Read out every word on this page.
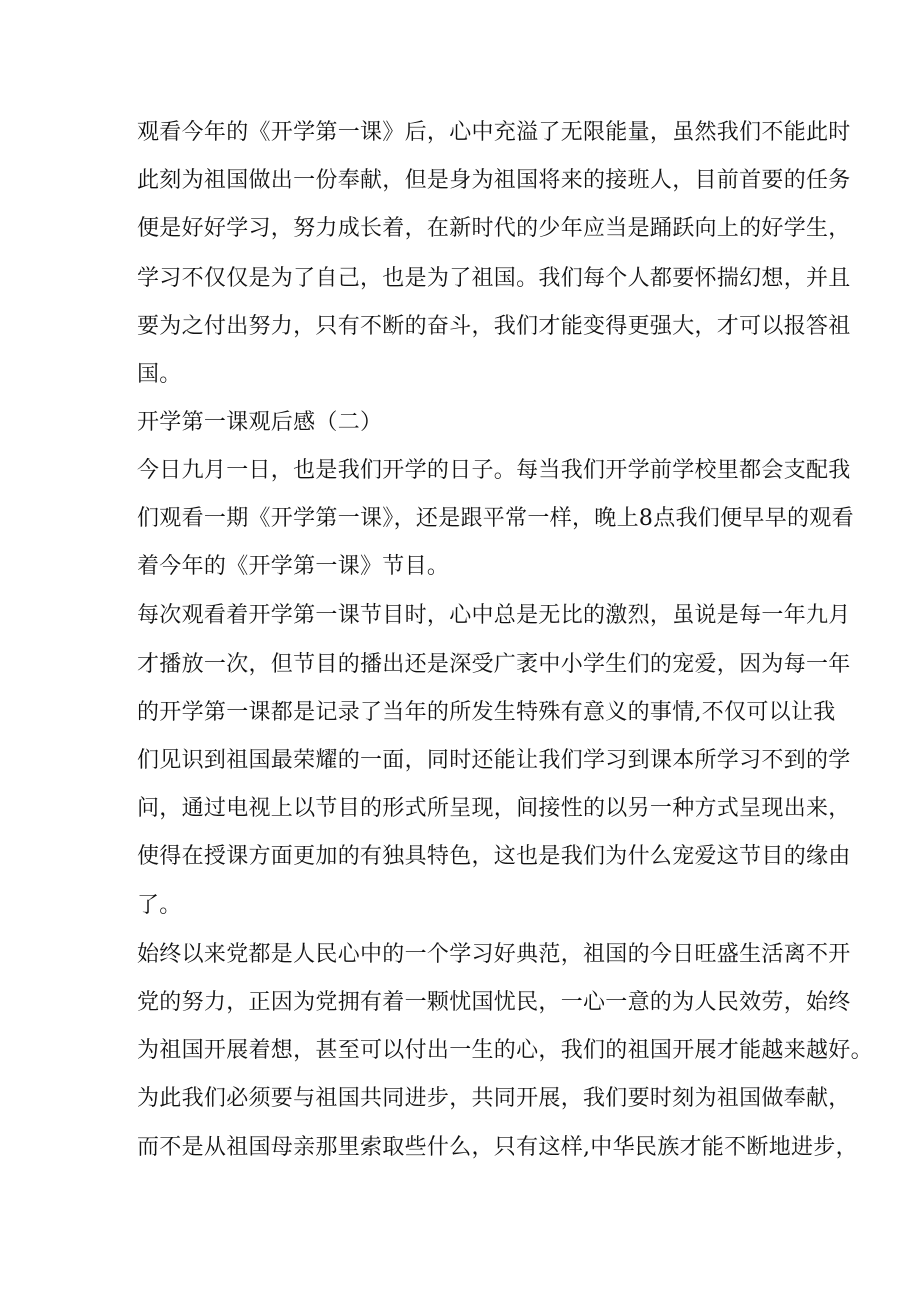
观看今年的《开学第一课》后，心中充溢了无限能量，虽然我们不能此时
此刻为祖国做出一份奉献，但是身为祖国将来的接班人，目前首要的任务
便是好好学习，努力成长着，在新时代的少年应当是踊跃向上的好学生，
学习不仅仅是为了自己，也是为了祖国。我们每个人都要怀揣幻想，并且
要为之付出努力，只有不断的奋斗，我们才能变得更强大，才可以报答祖
国。
开学第一课观后感（二）
今日九月一日，也是我们开学的日子。每当我们开学前学校里都会支配我
们观看一期《开学第一课》，还是跟平常一样，晚上8点我们便早早的观看
着今年的《开学第一课》节目。
每次观看着开学第一课节目时，心中总是无比的激烈，虽说是每一年九月
才播放一次，但节目的播出还是深受广袤中小学生们的宠爱，因为每一年
的开学第一课都是记录了当年的所发生特殊有意义的事情,不仅可以让我
们见识到祖国最荣耀的一面，同时还能让我们学习到课本所学习不到的学
问，通过电视上以节目的形式所呈现，间接性的以另一种方式呈现出来，
使得在授课方面更加的有独具特色，这也是我们为什么宠爱这节目的缘由
了。
始终以来党都是人民心中的一个学习好典范，祖国的今日旺盛生活离不开
党的努力，正因为党拥有着一颗忧国忧民，一心一意的为人民效劳，始终
为祖国开展着想，甚至可以付出一生的心，我们的祖国开展才能越来越好。
为此我们必须要与祖国共同进步，共同开展，我们要时刻为祖国做奉献，
而不是从祖国母亲那里索取些什么，只有这样,中华民族才能不断地进步，
